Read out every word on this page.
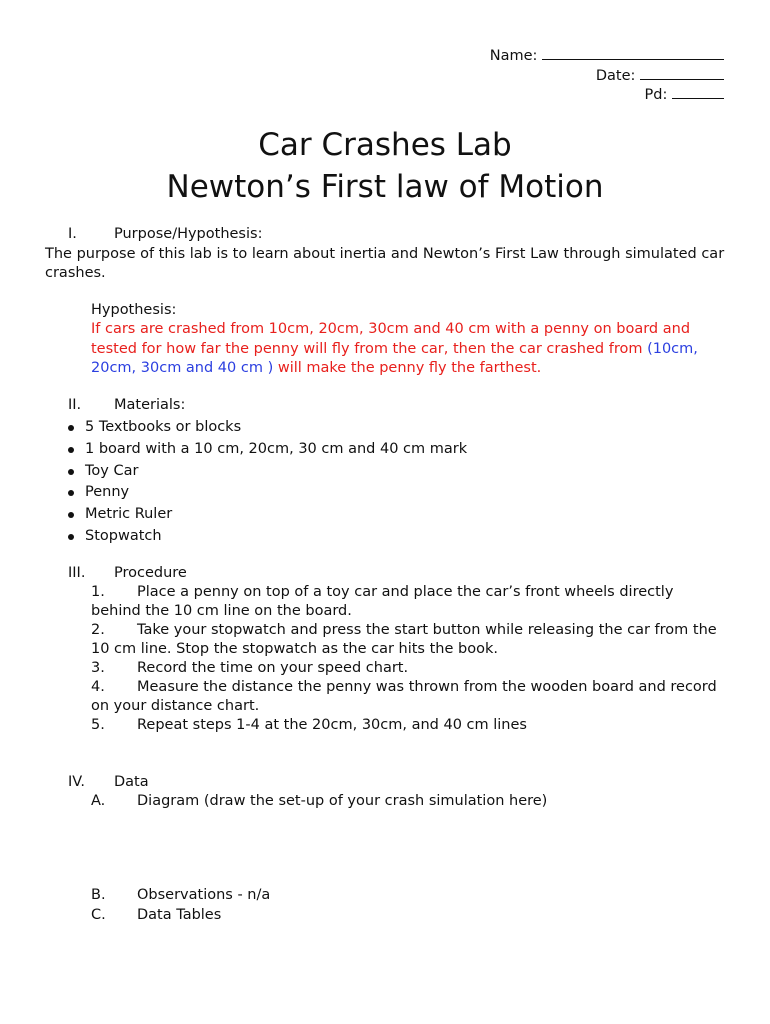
Name:
Date:
Pd:
Car Crashes Lab
Newton’s First law of Motion
I.	Purpose/Hypothesis:
The purpose of this lab is to learn about inertia and Newton’s First Law through simulated car crashes.
Hypothesis:
If cars are crashed from 10cm, 20cm, 30cm and 40 cm with a penny on board and tested for how far the penny will fly from the car, then the car crashed from (10cm, 20cm, 30cm and 40 cm ) will make the penny fly the farthest.
II. Materials:
5 Textbooks or blocks
1 board with a 10 cm, 20cm, 30 cm and 40 cm mark
Toy Car
Penny
Metric Ruler
Stopwatch
III. Procedure
1. Place a penny on top of a toy car and place the car’s front wheels directly behind the 10 cm line on the board.
2. Take your stopwatch and press the start button while releasing the car from the 10 cm line. Stop the stopwatch as the car hits the book.
3. Record the time on your speed chart.
4. Measure the distance the penny was thrown from the wooden board and record on your distance chart.
5. Repeat steps 1-4 at the 20cm, 30cm, and 40 cm lines
IV. Data
A. Diagram (draw the set-up of your crash simulation here)
B. Observations - n/a
C. Data Tables
